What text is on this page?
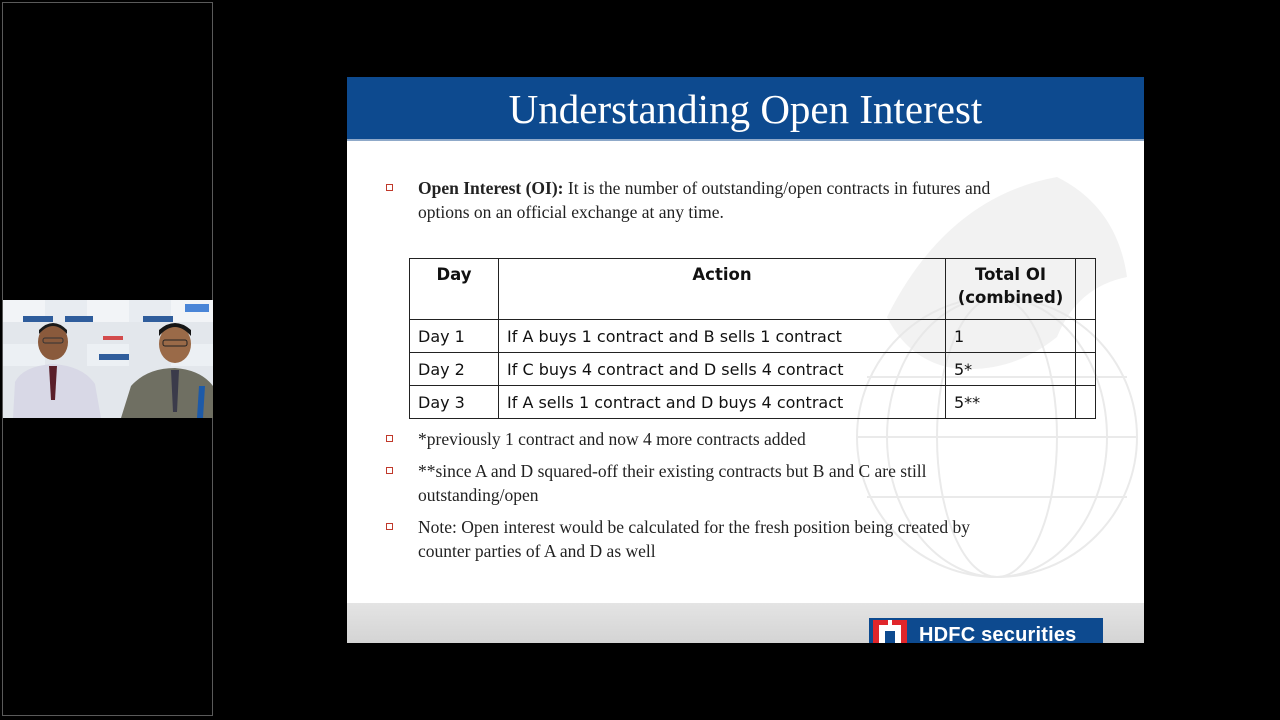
Understanding Open Interest
Open Interest (OI): It is the number of outstanding/open contracts in futures and options on an official exchange at any time.
Day	Action	Total OI (combined)	
Day 1	If A buys 1 contract and B sells 1 contract	1	
Day 2	If C buys 4 contract and D sells 4 contract	5*	
Day 3	If A sells 1 contract and D buys 4 contract	5**	
*previously 1 contract and now 4 more contracts added
**since A and D squared-off their existing contracts but B and C are still outstanding/open
Note: Open interest would be calculated for the fresh position being created by counter parties of A and D as well
HDFC securities
